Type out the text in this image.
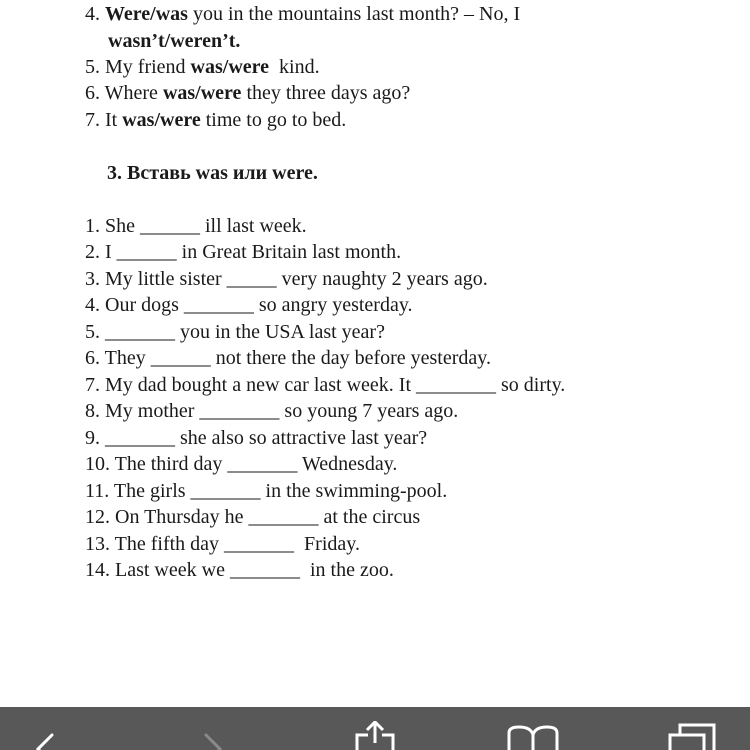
4. Were/was you in the mountains last month? – No, I
wasn’t/weren’t.
5. My friend was/were  kind.
6. Where was/were they three days ago?
7. It was/were time to go to bed.
3. Вставь was или were.
1. She ______ ill last week.
2. I ______ in Great Britain last month.
3. My little sister _____ very naughty 2 years ago.
4. Our dogs _______ so angry yesterday.
5. _______ you in the USA last year?
6. They ______ not there the day before yesterday.
7. My dad bought a new car last week. It ________ so dirty.
8. My mother ________ so young 7 years ago.
9. _______ she also so attractive last year?
10. The third day _______ Wednesday.
11. The girls _______ in the swimming-pool.
12. On Thursday he _______ at the circus
13. The fifth day _______  Friday.
14. Last week we _______  in the zoo.
